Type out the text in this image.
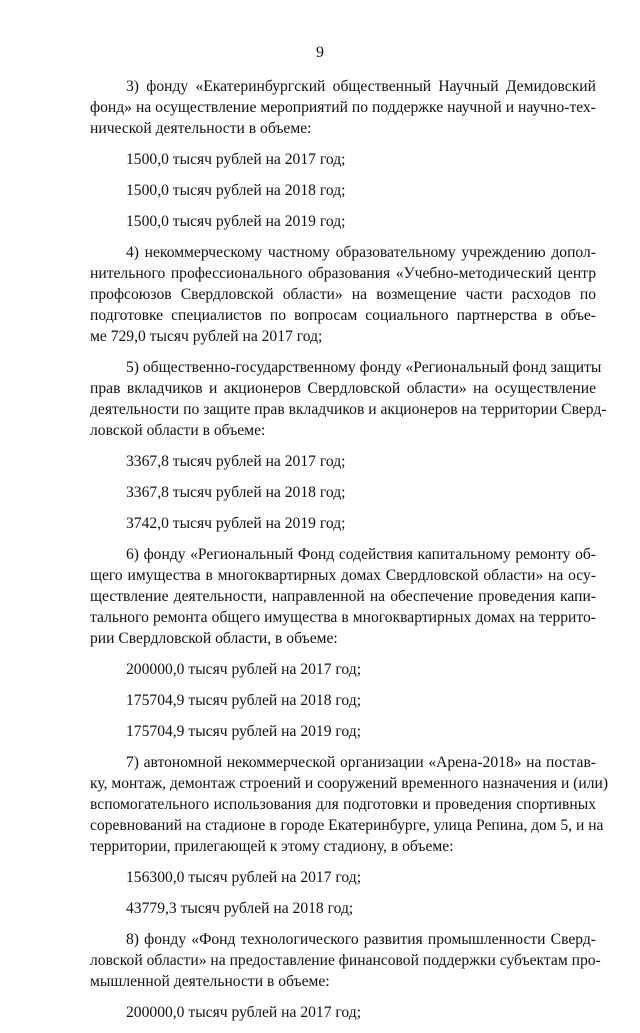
9
3) фонду «Екатеринбургский общественный Научный Демидовский
фонд» на осуществление мероприятий по поддержке научной и научно-тех-
нической деятельности в объеме:
1500,0 тысяч рублей на 2017 год;
1500,0 тысяч рублей на 2018 год;
1500,0 тысяч рублей на 2019 год;
4) некоммерческому частному образовательному учреждению допол-
нительного профессионального образования «Учебно-методический центр
профсоюзов Свердловской области» на возмещение части расходов по
подготовке специалистов по вопросам социального партнерства в объе-
ме 729,0 тысяч рублей на 2017 год;
5) общественно-государственному фонду «Региональный фонд защиты
прав вкладчиков и акционеров Свердловской области» на осуществление
деятельности по защите прав вкладчиков и акционеров на территории Сверд-
ловской области в объеме:
3367,8 тысяч рублей на 2017 год;
3367,8 тысяч рублей на 2018 год;
3742,0 тысяч рублей на 2019 год;
6) фонду «Региональный Фонд содействия капитальному ремонту об-
щего имущества в многоквартирных домах Свердловской области» на осу-
ществление деятельности, направленной на обеспечение проведения капи-
тального ремонта общего имущества в многоквартирных домах на террито-
рии Свердловской области, в объеме:
200000,0 тысяч рублей на 2017 год;
175704,9 тысяч рублей на 2018 год;
175704,9 тысяч рублей на 2019 год;
7) автономной некоммерческой организации «Арена-2018» на постав-
ку, монтаж, демонтаж строений и сооружений временного назначения и (или)
вспомогательного использования для подготовки и проведения спортивных
соревнований на стадионе в городе Екатеринбурге, улица Репина, дом 5, и на
территории, прилегающей к этому стадиону, в объеме:
156300,0 тысяч рублей на 2017 год;
43779,3 тысяч рублей на 2018 год;
8) фонду «Фонд технологического развития промышленности Сверд-
ловской области» на предоставление финансовой поддержки субъектам про-
мышленной деятельности в объеме:
200000,0 тысяч рублей на 2017 год;
